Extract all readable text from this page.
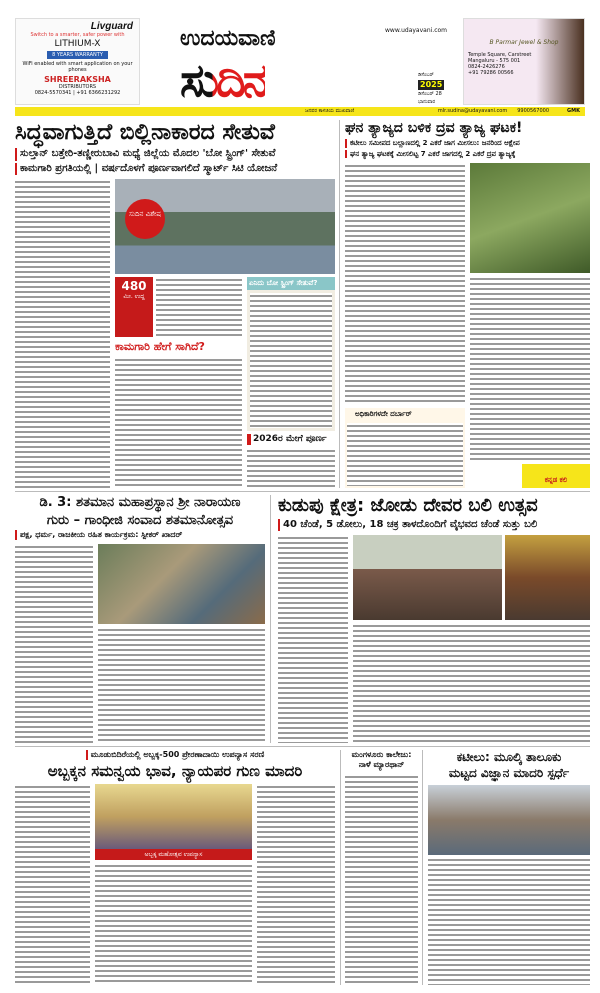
Livguard
Switch to a smarter, safer power with
LITHIUM-X
8 YEARS WARRANTY
WiFi enabled with smart application on your phones
SHREERAKSHA
DISTRIBUTORS
0824-5570341 | +91 6366231292
ಉದಯವಾಣಿ
ಸುದಿನ
www.udayavani.com
ಡಿಸೆಂಬರ್
2025
ಡಿಸೆಂಬರ್ 28
ಭಾನುವಾರ
B Parmar Jewel & Shop
Temple Square, Carstreet Mangaluru - 575 001
0824-2426276
+91 79286 00566
ಜನಪರ ಕಾಳಜಿಯ ಮುಖವಾಣಿ	mlr.sudina@udayavani.com 9900567000	GMK
ಸಿದ್ಧವಾಗುತ್ತಿದೆ ಬಿಲ್ಲಿನಾಕಾರದ ಸೇತುವೆ
ಸುಲ್ತಾನ್ ಬತ್ತೇರಿ-ತಣ್ಣೀರುಬಾವಿ ಮಧ್ಯೆ ಜಿಲ್ಲೆಯ ಮೊದಲ 'ಬೋ ಸ್ಟ್ರಿಂಗ್' ಸೇತುವೆ
ಕಾಮಗಾರಿ ಪ್ರಗತಿಯಲ್ಲಿ | ವರ್ಷದೊಳಗೆ ಪೂರ್ಣವಾಗಲಿದೆ ಸ್ಮಾರ್ಟ್ ಸಿಟಿ ಯೋಜನೆ
ಸುದಿನ ವಿಶೇಷ
480
ಮೀ. ಉದ್ದ
ಕಾಮಗಾರಿ ಹೇಗೆ ಸಾಗಿದೆ?
ಏನಿದು ಬೋ ಸ್ಟ್ರಿಂಗ್ ಸೇತುವೆ?
2026ರ ಮೇಗೆ ಪೂರ್ಣ
ಘನ ತ್ಯಾಜ್ಯದ ಬಳಿಕ ದ್ರವ ತ್ಯಾಜ್ಯ ಘಟಕ!
ಕಟೀಲು ಸಮೀಪದ ಬಲ್ಲಾಣದಲ್ಲಿ 2 ಎಕರೆ ಜಾಗ ಮೀಸಲು: ಜನರಿಂದ ಆಕ್ಷೇಪ
ಘನ ತ್ಯಾಜ್ಯ ಘಟಕಕ್ಕೆ ಮೀಸಲಿಟ್ಟ 7 ಎಕರೆ ಜಾಗದಲ್ಲಿ 2 ಎಕರೆ ದ್ರವ ತ್ಯಾಜ್ಯಕ್ಕೆ
ಅಧಿಕಾರಿಗಳದೇ ದರ್ಬಾರ್
ಕನ್ನಡ ಕಲಿ
ಡಿ. 3: ಶತಮಾನ ಮಹಾಪ್ರಸ್ಥಾನ ಶ್ರೀ ನಾರಾಯಣ
ಗುರು – ಗಾಂಧೀಜಿ ಸಂವಾದ ಶತಮಾನೋತ್ಸವ
ಪಕ್ಷ, ಧರ್ಮ, ರಾಜಕೀಯ ರಹಿತ ಕಾರ್ಯಕ್ರಮ: ಸ್ಪೀಕರ್ ಖಾದರ್
ಕುಡುಪು ಕ್ಷೇತ್ರ: ಜೋಡು ದೇವರ ಬಲಿ ಉತ್ಸವ
40 ಚೆಂಡೆ, 5 ಡೋಲು, 18 ಚಕ್ರ ತಾಳದೊಂದಿಗೆ ವೈಭವದ ಚೆಂಡೆ ಸುತ್ತು ಬಲಿ
ಮೂಡುಬಿದಿರೆಯಲ್ಲಿ ಅಬ್ಬಕ್ಕ-500 ಪ್ರೇರಣಾದಾಯಿ ಉಪನ್ಯಾಸ ಸರಣಿ
ಅಬ್ಬಕ್ಕನ ಸಮನ್ವಯ ಭಾವ, ನ್ಯಾಯಪರ ಗುಣ ಮಾದರಿ
ಅಬ್ಬಕ್ಕ ಮಹೋತ್ಸವ ಉಪನ್ಯಾಸ
ಮಂಗಳೂರು ಕಾಲೇಜು: ನಾಳೆ ಮ್ಯಾರಥಾನ್
ಕಟೀಲು: ಮೂಲ್ಕಿ ತಾಲೂಕು
ಮಟ್ಟದ ವಿಜ್ಞಾನ ಮಾದರಿ ಸ್ಪರ್ಧೆ
